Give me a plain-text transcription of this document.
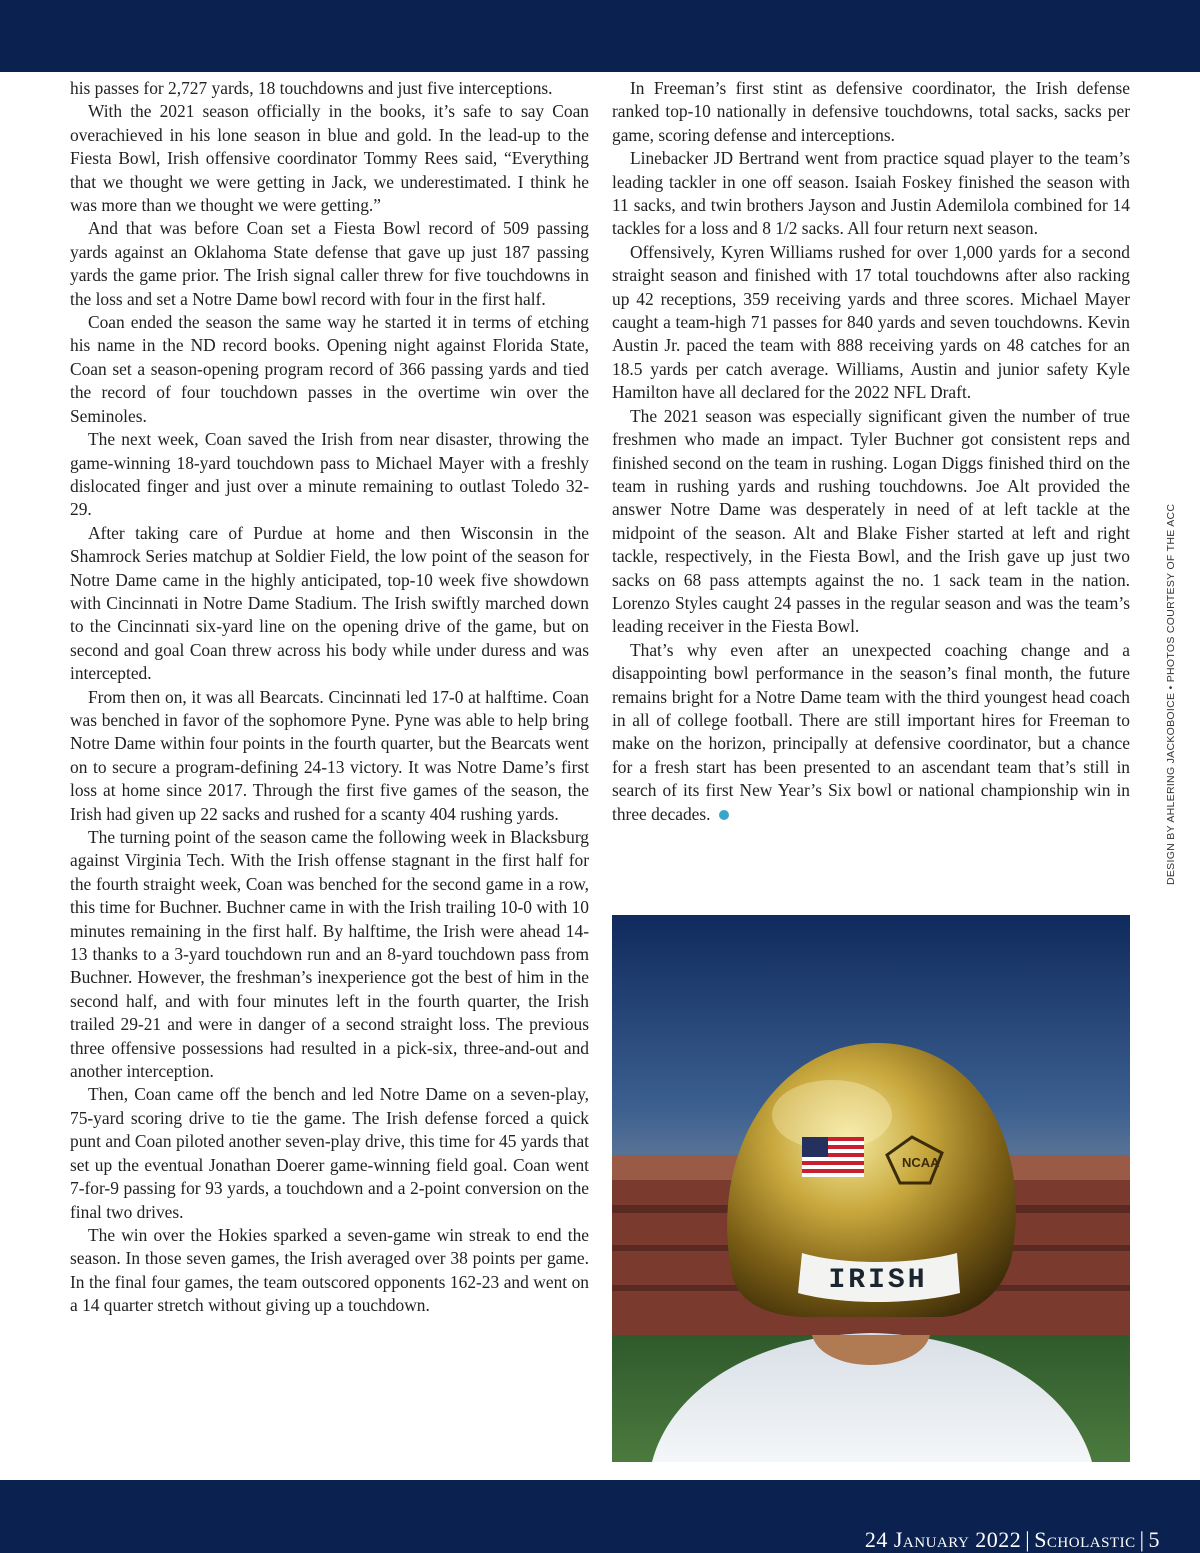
his passes for 2,727 yards, 18 touchdowns and just five interceptions.

With the 2021 season officially in the books, it’s safe to say Coan overachieved in his lone season in blue and gold. In the lead-up to the Fiesta Bowl, Irish offensive coordinator Tommy Rees said, “Everything that we thought we were getting in Jack, we underestimated. I think he was more than we thought we were getting.”

And that was before Coan set a Fiesta Bowl record of 509 passing yards against an Oklahoma State defense that gave up just 187 passing yards the game prior. The Irish signal caller threw for five touchdowns in the loss and set a Notre Dame bowl record with four in the first half.

Coan ended the season the same way he started it in terms of etching his name in the ND record books. Opening night against Florida State, Coan set a season-opening program record of 366 passing yards and tied the record of four touchdown passes in the overtime win over the Seminoles.

The next week, Coan saved the Irish from near disaster, throwing the game-winning 18-yard touchdown pass to Michael Mayer with a freshly dislocated finger and just over a minute remaining to outlast Toledo 32-29.

After taking care of Purdue at home and then Wisconsin in the Shamrock Series matchup at Soldier Field, the low point of the season for Notre Dame came in the highly anticipated, top-10 week five showdown with Cincinnati in Notre Dame Stadium. The Irish swiftly marched down to the Cincinnati six-yard line on the opening drive of the game, but on second and goal Coan threw across his body while under duress and was intercepted.

From then on, it was all Bearcats. Cincinnati led 17-0 at halftime. Coan was benched in favor of the sophomore Pyne. Pyne was able to help bring Notre Dame within four points in the fourth quarter, but the Bearcats went on to secure a program-defining 24-13 victory. It was Notre Dame’s first loss at home since 2017. Through the first five games of the season, the Irish had given up 22 sacks and rushed for a scanty 404 rushing yards.

The turning point of the season came the following week in Blacksburg against Virginia Tech. With the Irish offense stagnant in the first half for the fourth straight week, Coan was benched for the second game in a row, this time for Buchner. Buchner came in with the Irish trailing 10-0 with 10 minutes remaining in the first half. By halftime, the Irish were ahead 14-13 thanks to a 3-yard touchdown run and an 8-yard touchdown pass from Buchner. However, the freshman’s inexperience got the best of him in the second half, and with four minutes left in the fourth quarter, the Irish trailed 29-21 and were in danger of a second straight loss. The previous three offensive possessions had resulted in a pick-six, three-and-out and another interception.

Then, Coan came off the bench and led Notre Dame on a seven-play, 75-yard scoring drive to tie the game. The Irish defense forced a quick punt and Coan piloted another seven-play drive, this time for 45 yards that set up the eventual Jonathan Doerer game-winning field goal. Coan went 7-for-9 passing for 93 yards, a touchdown and a 2-point conversion on the final two drives.

The win over the Hokies sparked a seven-game win streak to end the season. In those seven games, the Irish averaged over 38 points per game. In the final four games, the team outscored opponents 162-23 and went on a 14 quarter stretch without giving up a touchdown.

In Freeman’s first stint as defensive coordinator, the Irish defense ranked top-10 nationally in defensive touchdowns, total sacks, sacks per game, scoring defense and interceptions.

Linebacker JD Bertrand went from practice squad player to the team’s leading tackler in one off season. Isaiah Foskey finished the season with 11 sacks, and twin brothers Jayson and Justin Ademilola combined for 14 tackles for a loss and 8 1/2 sacks. All four return next season.

Offensively, Kyren Williams rushed for over 1,000 yards for a second straight season and finished with 17 total touchdowns after also racking up 42 receptions, 359 receiving yards and three scores. Michael Mayer caught a team-high 71 passes for 840 yards and seven touchdowns. Kevin Austin Jr. paced the team with 888 receiving yards on 48 catches for an 18.5 yards per catch average. Williams, Austin and junior safety Kyle Hamilton have all declared for the 2022 NFL Draft.

The 2021 season was especially significant given the number of true freshmen who made an impact. Tyler Buchner got consistent reps and finished second on the team in rushing. Logan Diggs finished third on the team in rushing yards and rushing touchdowns. Joe Alt provided the answer Notre Dame was desperately in need of at left tackle at the midpoint of the season. Alt and Blake Fisher started at left and right tackle, respectively, in the Fiesta Bowl, and the Irish gave up just two sacks on 68 pass attempts against the no. 1 sack team in the nation. Lorenzo Styles caught 24 passes in the regular season and was the team’s leading receiver in the Fiesta Bowl.

That’s why even after an unexpected coaching change and a disappointing bowl performance in the season’s final month, the future remains bright for a Notre Dame team with the third youngest head coach in all of college football. There are still important hires for Freeman to make on the horizon, principally at defensive coordinator, but a chance for a fresh start has been presented to an ascendant team that’s still in search of its first New Year’s Six bowl or national championship win in three decades.	DESIGN BY AHLERING JACKOBOICE • PHOTOS COURTESY OF THE ACC
NCAA
IRISH
24 January 2022 | Scholastic | 5
